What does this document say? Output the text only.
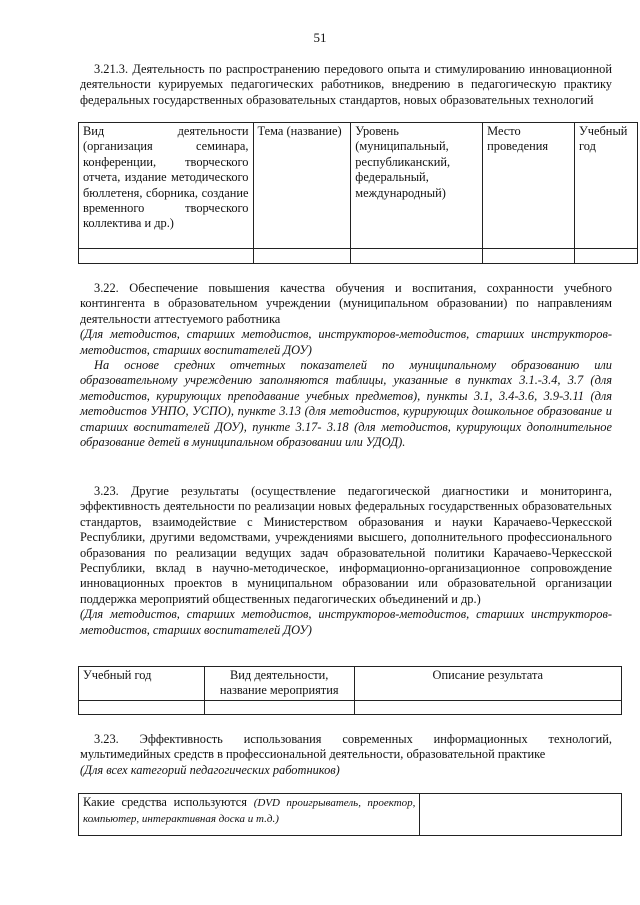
51
3.21.3. Деятельность по распространению передового опыта и стимулированию инновационной деятельности курируемых педагогических работников, внедрению в педагогическую практику федеральных государственных образовательных стандартов, новых образовательных технологий
Вид деятельности (организация семинара, конференции, творческого отчета, издание методического бюллетеня, сборника, создание временного творческого коллектива и др.)	Тема (название)	Уровень (муниципальный, республиканский, федеральный, международный)	Место проведения	Учебный год

3.22. Обеспечение повышения качества обучения и воспитания, сохранности учебного контингента в образовательном учреждении (муниципальном образовании) по направлениям деятельности аттестуемого работника
(Для методистов, старших методистов, инструкторов-методистов, старших инструкторов-методистов, старших воспитателей ДОУ)
На основе средних отчетных показателей по муниципальному образованию или образовательному учреждению заполняются таблицы, указанные в пунктах 3.1.-3.4, 3.7 (для методистов, курирующих преподавание учебных предметов), пункты 3.1, 3.4-3.6, 3.9-3.11 (для методистов УНПО, УСПО), пункте 3.13 (для методистов, курирующих дошкольное образование и старших воспитателей ДОУ), пункте 3.17- 3.18 (для методистов, курирующих дополнительное образование детей в муниципальном образовании или УДОД).
3.23. Другие результаты (осуществление педагогической диагностики и мониторинга, эффективность деятельности по реализации новых федеральных государственных образовательных стандартов, взаимодействие с Министерством образования и науки Карачаево-Черкесской Республики, другими ведомствами, учреждениями высшего, дополнительного профессионального образования по реализации ведущих задач образовательной политики Карачаево-Черкесской Республики, вклад в научно-методическое, информационно-организационное сопровождение инновационных проектов в муниципальном образовании или образовательной организации поддержка мероприятий общественных педагогических объединений и др.)
(Для методистов, старших методистов, инструкторов-методистов, старших инструкторов-методистов, старших воспитателей ДОУ)
Учебный год	Вид деятельности, название мероприятия	Описание результата

3.23. Эффективность использования современных информационных технологий, мультимедийных средств в профессиональной деятельности, образовательной практике
(Для всех категорий педагогических работников)
Какие средства используются (DVD проигрыватель, проектор, компьютер, интерактивная доска и т.д.)	
